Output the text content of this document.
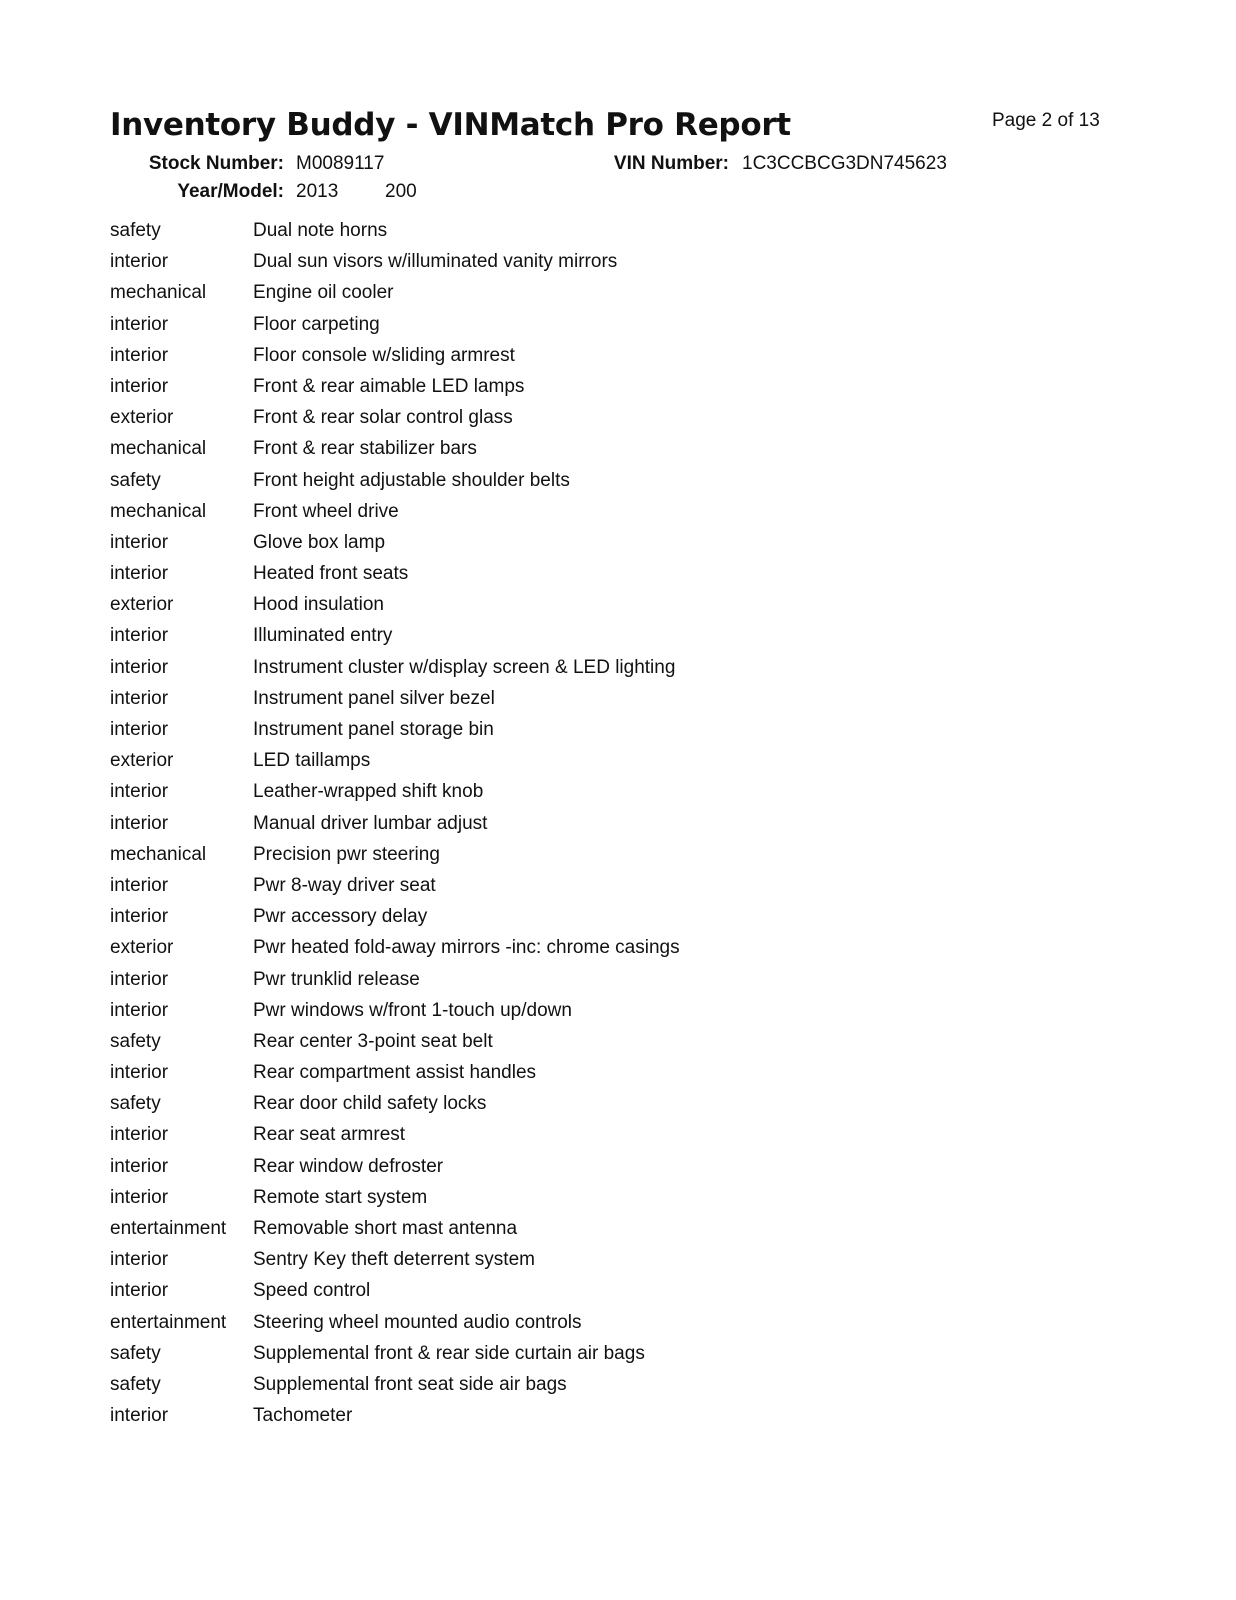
Inventory Buddy - VINMatch Pro Report	Page 2 of 13
Stock Number: M0089117	VIN Number: 1C3CCBCG3DN745623
Year/Model: 2013 200
safety	Dual note horns
interior	Dual sun visors w/illuminated vanity mirrors
mechanical Engine oil cooler
interior	Floor carpeting
interior	Floor console w/sliding armrest
interior	Front & rear aimable LED lamps
exterior	Front & rear solar control glass
mechanical Front & rear stabilizer bars
safety	Front height adjustable shoulder belts
mechanical Front wheel drive
interior	Glove box lamp
interior	Heated front seats
exterior	Hood insulation
interior	Illuminated entry
interior	Instrument cluster w/display screen & LED lighting
interior	Instrument panel silver bezel
interior	Instrument panel storage bin
exterior	LED taillamps
interior	Leather-wrapped shift knob
interior	Manual driver lumbar adjust
mechanical Precision pwr steering
interior	Pwr 8-way driver seat
interior	Pwr accessory delay
exterior	Pwr heated fold-away mirrors -inc: chrome casings
interior	Pwr trunklid release
interior	Pwr windows w/front 1-touch up/down
safety	Rear center 3-point seat belt
interior	Rear compartment assist handles
safety	Rear door child safety locks
interior	Rear seat armrest
interior	Rear window defroster
interior	Remote start system
entertainment Removable short mast antenna
interior	Sentry Key theft deterrent system
interior	Speed control
entertainment Steering wheel mounted audio controls
safety	Supplemental front & rear side curtain air bags
safety	Supplemental front seat side air bags
interior	Tachometer
